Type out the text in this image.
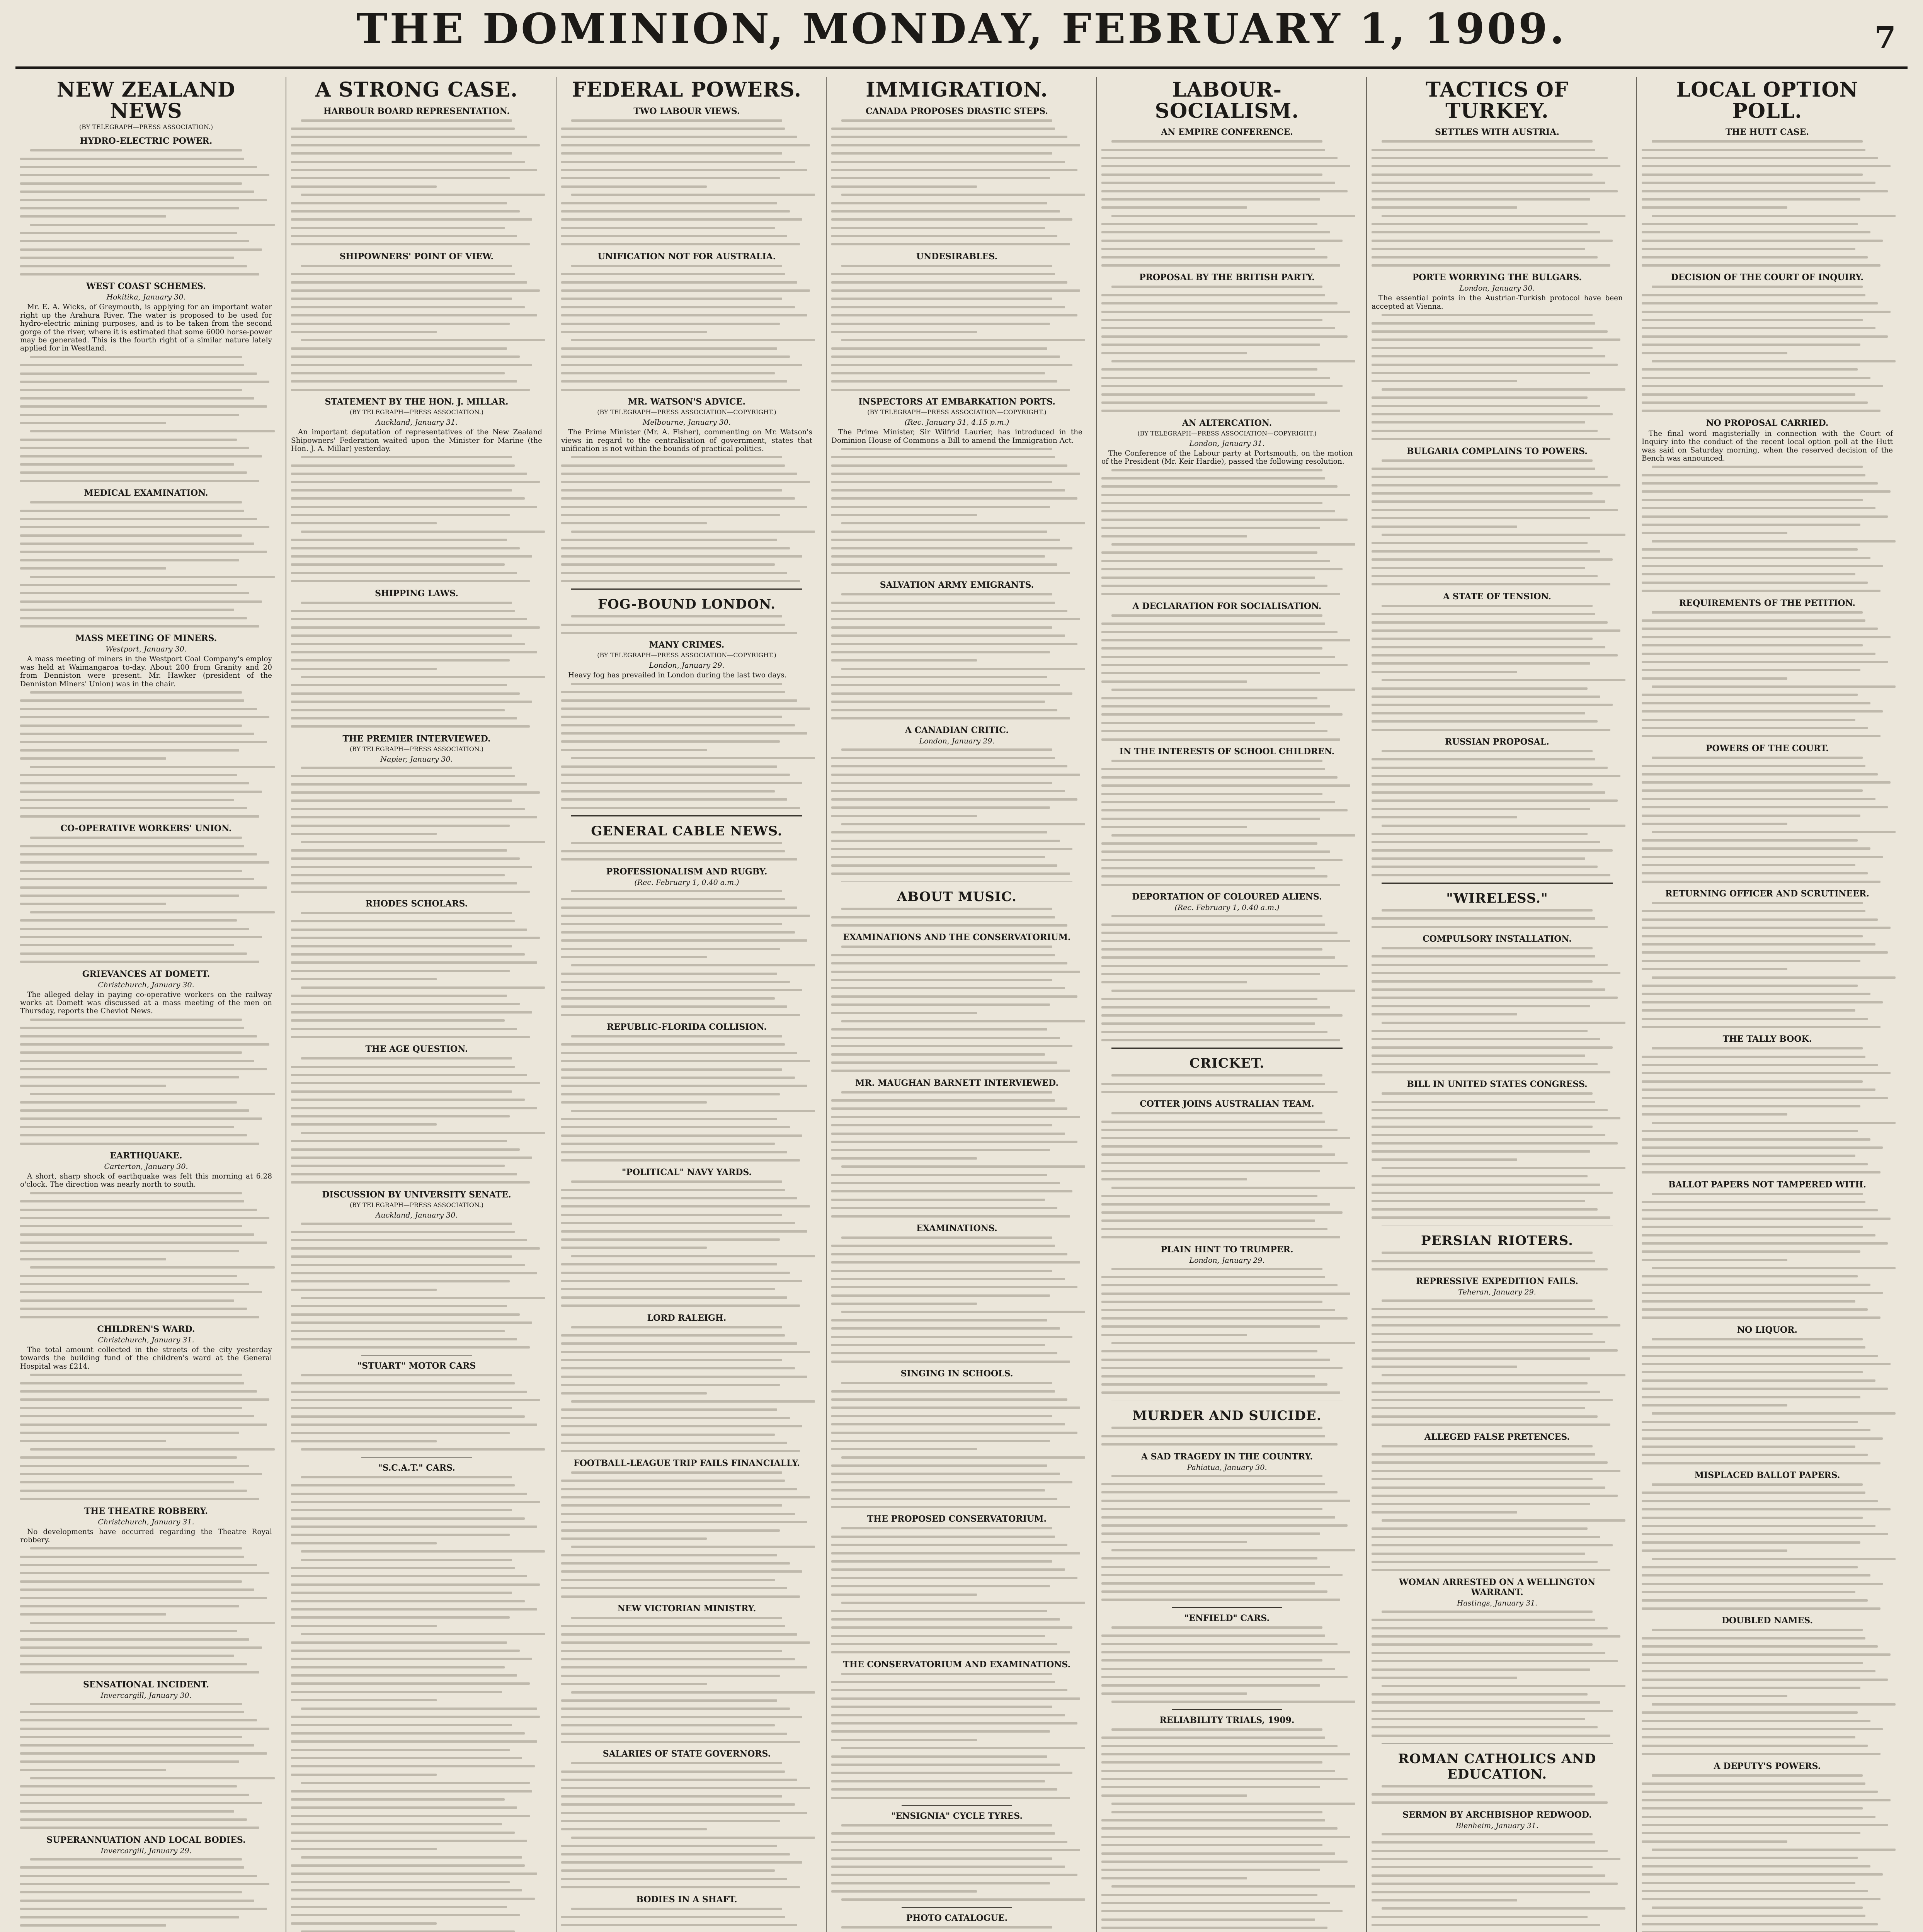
THE DOMINION, MONDAY, FEBRUARY 1, 1909.	7
NEW ZEALAND NEWS
(BY TELEGRAPH—PRESS ASSOCIATION.)
HYDRO-ELECTRIC POWER.
WEST COAST SCHEMES.
Hokitika, January 30.

Mr. E. A. Wicks, of Greymouth, is applying for an important water right up the Arahura River. The water is proposed to be used for hydro-electric mining purposes, and is to be taken from the second gorge of the river, where it is estimated that some 6000 horse-power may be generated. This is the fourth right of a similar nature lately applied for in Westland.

MEDICAL EXAMINATION.
MASS MEETING OF MINERS.
Westport, January 30.

A mass meeting of miners in the Westport Coal Company's employ was held at Waimangaroa to-day. About 200 from Granity and 20 from Denniston were present. Mr. Hawker (president of the Denniston Miners' Union) was in the chair.

CO-OPERATIVE WORKERS' UNION.
GRIEVANCES AT DOMETT.
Christchurch, January 30.

The alleged delay in paying co-operative workers on the railway works at Domett was discussed at a mass meeting of the men on Thursday, reports the Cheviot News.

EARTHQUAKE.
Carterton, January 30.

A short, sharp shock of earthquake was felt this morning at 6.28 o'clock. The direction was nearly north to south.

CHILDREN'S WARD.
Christchurch, January 31.

The total amount collected in the streets of the city yesterday towards the building fund of the children's ward at the General Hospital was £214.

THE THEATRE ROBBERY.
Christchurch, January 31.

No developments have occurred regarding the Theatre Royal robbery.

SENSATIONAL INCIDENT.
Invercargill, January 30.
SUPERANNUATION AND LOCAL BODIES.
Invercargill, January 29.
A STRONG CASE.
HARBOUR BOARD REPRESENTATION.
SHIPOWNERS' POINT OF VIEW.
STATEMENT BY THE HON. J. MILLAR.
(BY TELEGRAPH—PRESS ASSOCIATION.)
Auckland, January 31.

An important deputation of representatives of the New Zealand Shipowners' Federation waited upon the Minister for Marine (the Hon. J. A. Millar) yesterday.

SHIPPING LAWS.
THE PREMIER INTERVIEWED.
(BY TELEGRAPH—PRESS ASSOCIATION.)
Napier, January 30.
RHODES SCHOLARS.
THE AGE QUESTION.
DISCUSSION BY UNIVERSITY SENATE.
(BY TELEGRAPH—PRESS ASSOCIATION.)
Auckland, January 30.
"STUART" MOTOR CARS
"S.C.A.T." CARS.
FEDERAL POWERS.
TWO LABOUR VIEWS.
UNIFICATION NOT FOR AUSTRALIA.
MR. WATSON'S ADVICE.
(BY TELEGRAPH—PRESS ASSOCIATION—COPYRIGHT.)
Melbourne, January 30.

The Prime Minister (Mr. A. Fisher), commenting on Mr. Watson's views in regard to the centralisation of government, states that unification is not within the bounds of practical politics.

FOG-BOUND LONDON.
MANY CRIMES.
(BY TELEGRAPH—PRESS ASSOCIATION—COPYRIGHT.)
London, January 29.

Heavy fog has prevailed in London during the last two days.

GENERAL CABLE NEWS.
PROFESSIONALISM AND RUGBY.
(Rec. February 1, 0.40 a.m.)
REPUBLIC-FLORIDA COLLISION.
"POLITICAL" NAVY YARDS.
LORD RALEIGH.
FOOTBALL-LEAGUE TRIP FAILS FINANCIALLY.
NEW VICTORIAN MINISTRY.
SALARIES OF STATE GOVERNORS.
BODIES IN A SHAFT.
IMMIGRATION.
CANADA PROPOSES DRASTIC STEPS.
UNDESIRABLES.
INSPECTORS AT EMBARKATION PORTS.
(BY TELEGRAPH—PRESS ASSOCIATION—COPYRIGHT.)
(Rec. January 31, 4.15 p.m.)

The Prime Minister, Sir Wilfrid Laurier, has introduced in the Dominion House of Commons a Bill to amend the Immigration Act.

SALVATION ARMY EMIGRANTS.
A CANADIAN CRITIC.
London, January 29.
ABOUT MUSIC.
EXAMINATIONS AND THE CONSERVATORIUM.
MR. MAUGHAN BARNETT INTERVIEWED.
EXAMINATIONS.
SINGING IN SCHOOLS.
THE PROPOSED CONSERVATORIUM.
THE CONSERVATORIUM AND EXAMINATIONS.
"ENSIGNIA" CYCLE TYRES.
PHOTO CATALOGUE.
LABOUR-SOCIALISM.
AN EMPIRE CONFERENCE.
PROPOSAL BY THE BRITISH PARTY.
AN ALTERCATION.
(BY TELEGRAPH—PRESS ASSOCIATION—COPYRIGHT.)
London, January 31.

The Conference of the Labour party at Portsmouth, on the motion of the President (Mr. Keir Hardie), passed the following resolution.

A DECLARATION FOR SOCIALISATION.
IN THE INTERESTS OF SCHOOL CHILDREN.
DEPORTATION OF COLOURED ALIENS.
(Rec. February 1, 0.40 a.m.)
CRICKET.
COTTER JOINS AUSTRALIAN TEAM.
PLAIN HINT TO TRUMPER.
London, January 29.
MURDER AND SUICIDE.
A SAD TRAGEDY IN THE COUNTRY.
Pahiatua, January 30.
"ENFIELD" CARS.
RELIABILITY TRIALS, 1909.
TACTICS OF TURKEY.
SETTLES WITH AUSTRIA.
PORTE WORRYING THE BULGARS.
London, January 30.

The essential points in the Austrian-Turkish protocol have been accepted at Vienna.

BULGARIA COMPLAINS TO POWERS.
A STATE OF TENSION.
RUSSIAN PROPOSAL.
"WIRELESS."
COMPULSORY INSTALLATION.
BILL IN UNITED STATES CONGRESS.
PERSIAN RIOTERS.
REPRESSIVE EXPEDITION FAILS.
Teheran, January 29.
ALLEGED FALSE PRETENCES.
WOMAN ARRESTED ON A WELLINGTON WARRANT.
Hastings, January 31.
ROMAN CATHOLICS AND EDUCATION.
SERMON BY ARCHBISHOP REDWOOD.
Blenheim, January 31.
LOCAL OPTION POLL.
THE HUTT CASE.
DECISION OF THE COURT OF INQUIRY.
NO PROPOSAL CARRIED.

The final word magisterially in connection with the Court of Inquiry into the conduct of the recent local option poll at the Hutt was said on Saturday morning, when the reserved decision of the Bench was announced.

REQUIREMENTS OF THE PETITION.
POWERS OF THE COURT.
RETURNING OFFICER AND SCRUTINEER.
THE TALLY BOOK.
BALLOT PAPERS NOT TAMPERED WITH.
NO LIQUOR.
MISPLACED BALLOT PAPERS.
DOUBLED NAMES.
A DEPUTY'S POWERS.
